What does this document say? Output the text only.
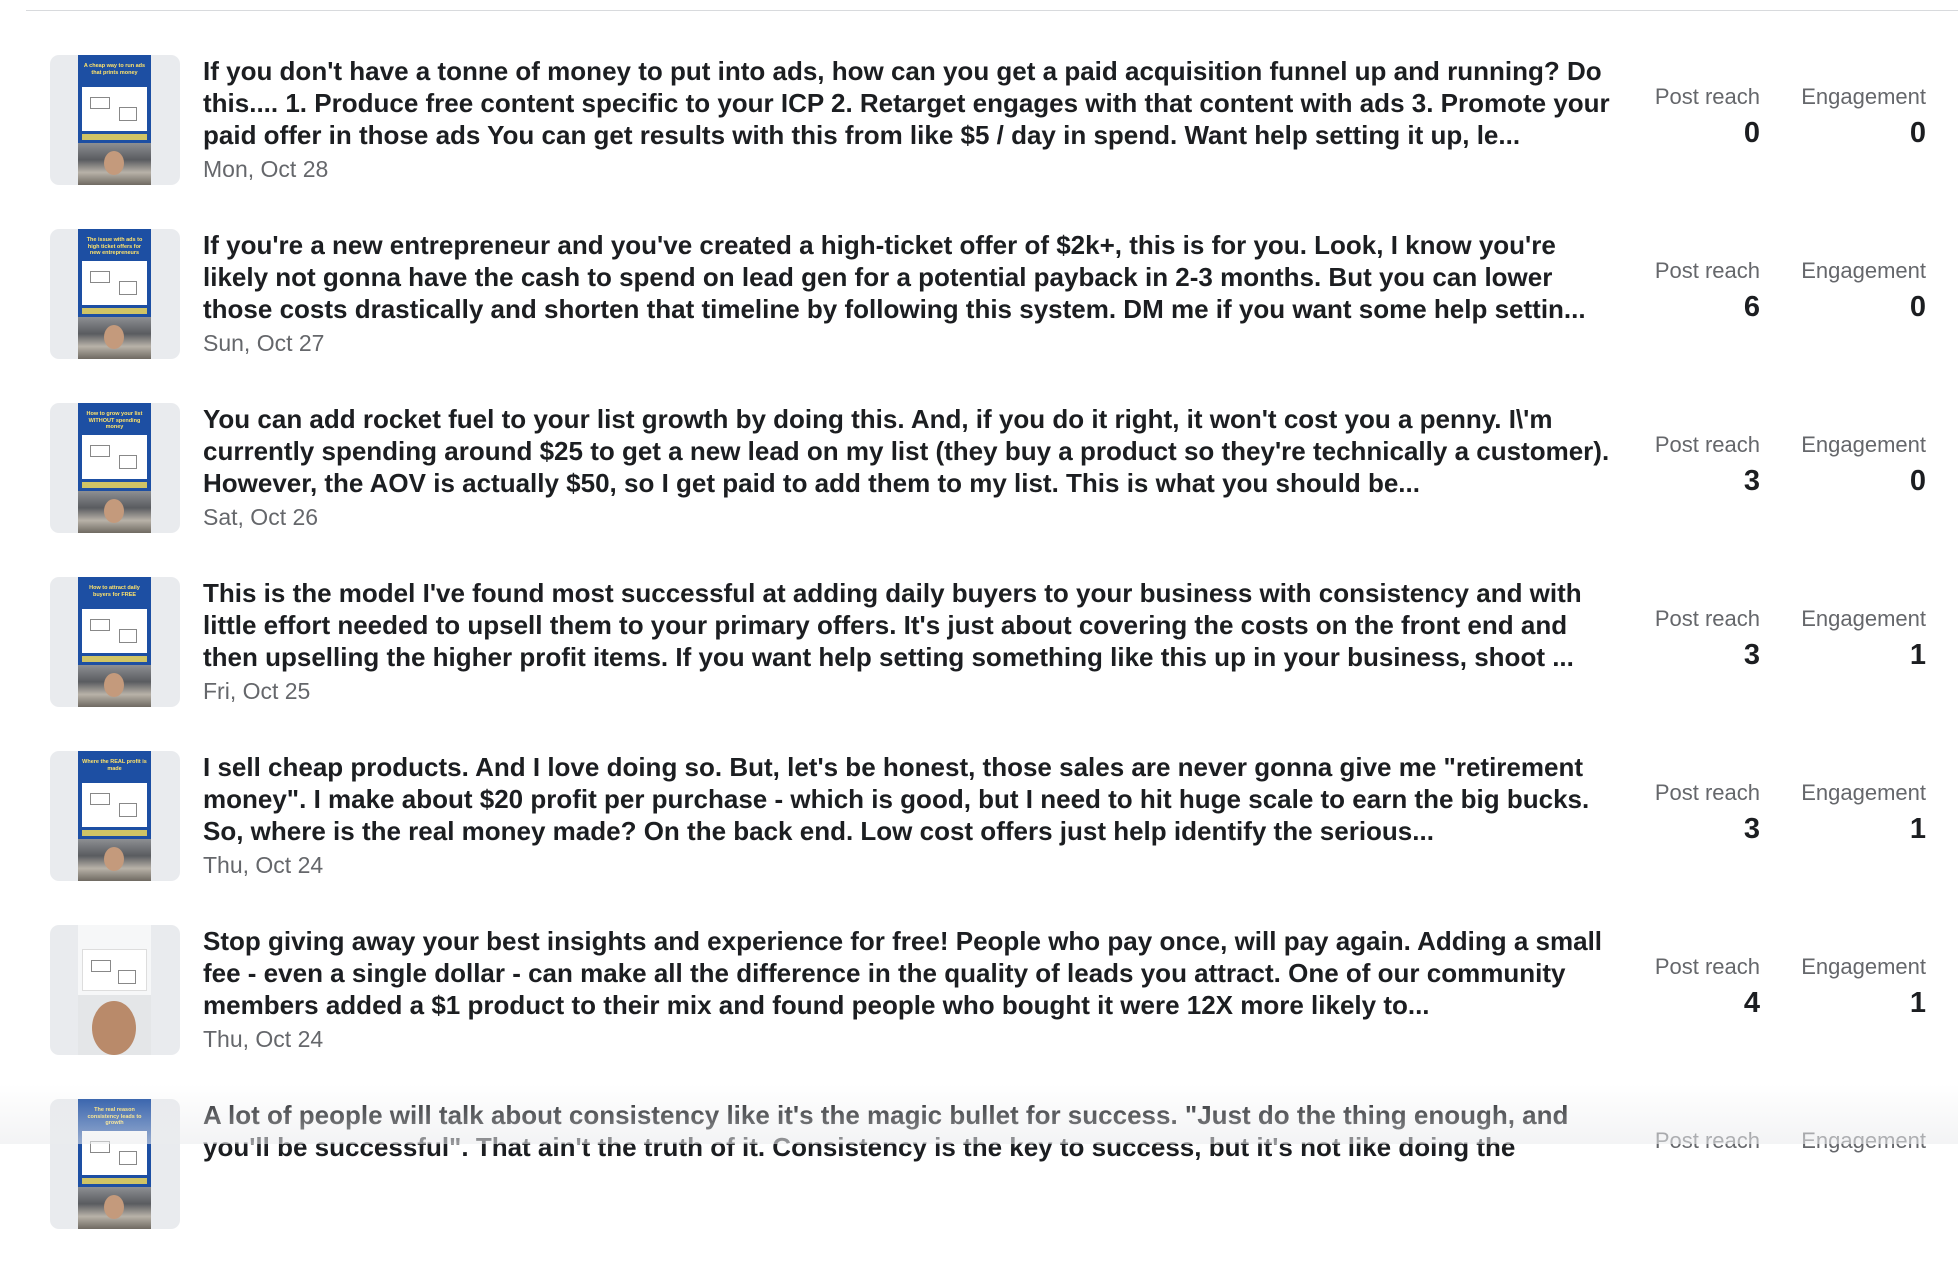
A cheap way to run ads that prints money	If you don't have a tonne of money to put into ads, how can you get a paid acquisition funnel up and running? Do this.... 1. Produce free content specific to your ICP 2. Retarget engages with that content with ads 3. Promote your paid offer in those ads You can get results with this from like $5 / day in spend. Want help setting it up, le...
Mon, Oct 28
Post reach
0
Engagement
0
The issue with ads to high ticket offers for new entrepreneurs	If you're a new entrepreneur and you've created a high-ticket offer of $2k+, this is for you. Look, I know you're likely not gonna have the cash to spend on lead gen for a potential payback in 2-3 months. But you can lower those costs drastically and shorten that timeline by following this system. DM me if you want some help settin...
Sun, Oct 27
Post reach
6
Engagement
0
How to grow your list WITHOUT spending money	You can add rocket fuel to your list growth by doing this. And, if you do it right, it won't cost you a penny. I\'m currently spending around $25 to get a new lead on my list (they buy a product so they're technically a customer). However, the AOV is actually $50, so I get paid to add them to my list. This is what you should be...
Sat, Oct 26
Post reach
3
Engagement
0
How to attract daily buyers for FREE	This is the model I've found most successful at adding daily buyers to your business with consistency and with little effort needed to upsell them to your primary offers. It's just about covering the costs on the front end and then upselling the higher profit items. If you want help setting something like this up in your business, shoot ...
Fri, Oct 25
Post reach
3
Engagement
1
Where the REAL profit is made	I sell cheap products. And I love doing so. But, let's be honest, those sales are never gonna give me "retirement money". I make about $20 profit per purchase - which is good, but I need to hit huge scale to earn the big bucks. So, where is the real money made? On the back end. Low cost offers just help identify the serious...
Thu, Oct 24
Post reach
3
Engagement
1
Stop giving away your best insights and experience for free! People who pay once, will pay again. Adding a small fee - even a single dollar - can make all the difference in the quality of leads you attract. One of our community members added a $1 product to their mix and found people who bought it were 12X more likely to...
Thu, Oct 24
Post reach
4
Engagement
1
The real reason consistency leads to growth	A lot of people will talk about consistency like it's the magic bullet for success. "Just do the thing enough, and you'll be successful". That ain't the truth of it. Consistency is the key to success, but it's not like doing the	Post reach Engagement
